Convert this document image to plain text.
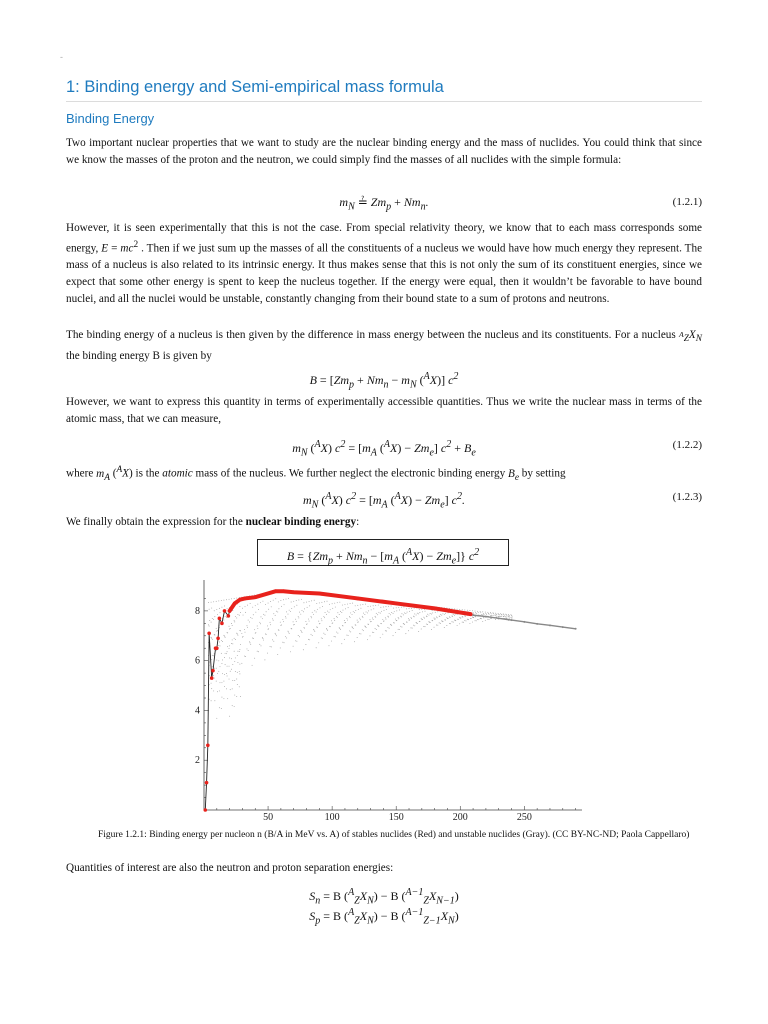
-
1: Binding energy and Semi-empirical mass formula
Binding Energy
Two important nuclear properties that we want to study are the nuclear binding energy and the mass of nuclides. You could think that since we know the masses of the proton and the neutron, we could simply find the masses of all nuclides with the simple formula:
$m_N$ ≟ $Zm_p + Nm_n$.	(1.2.1)
However, it is seen experimentally that this is not the case. From special relativity theory, we know that to each mass corresponds some energy, $E = mc^2$ . Then if we just sum up the masses of all the constituents of a nucleus we would have how much energy they represent. The mass of a nucleus is also related to its intrinsic energy. It thus makes sense that this is not only the sum of its constituent energies, since we expect that some other energy is spent to keep the nucleus together. If the energy were equal, then it wouldn’t be favorable to have bound nuclei, and all the nuclei would be unstable, constantly changing from their bound state to a sum of protons and neutrons.
The binding energy of a nucleus is then given by the difference in mass energy between the nucleus and its constituents. For a nucleus $_{^AZ}X_N$ the binding energy B is given by
$B = [Zm_p + Nm_n - m_N$ ($^A$X)] $c^2$
However, we want to express this quantity in terms of experimentally accessible quantities. Thus we write the nuclear mass in terms of the atomic mass, that we can measure,
$m_N$ ($^A$X) $c^2 = [m_A$ $(^AX) - Zm_e$] $c^2 + B_e$
(1.2.2)
where $m_A$ ($^A$X) is the atomic mass of the nucleus. We further neglect the electronic binding energy $B_e$ by setting
$m_N$ ($^A$X) $c^2 = [m_A$ $(^AX) - Zm_e$] $c^2$.	(1.2.3)
We finally obtain the expression for the nuclear binding energy:
$B = \{Zm_p + Nm_n - [m_A$ $(^AX) - Zm_e$]} $c^2$
50	100	150	200	250
2
4
6
8
Figure 1.2.1: Binding energy per nucleon n (B/A in MeV vs. A) of stables nuclides (Red) and unstable nuclides (Gray). (CC BY-NC-ND; Paola Cappellaro)
Quantities of interest are also the neutron and proton separation energies:
$S_n = B$ $(^A_ZX_N) - B$ $(^{A-1}_ZX_{N-1})$
$S_p = B$ $(^A_ZX_N) - B$ $(^{A-1}_{Z-1}X_N)$
